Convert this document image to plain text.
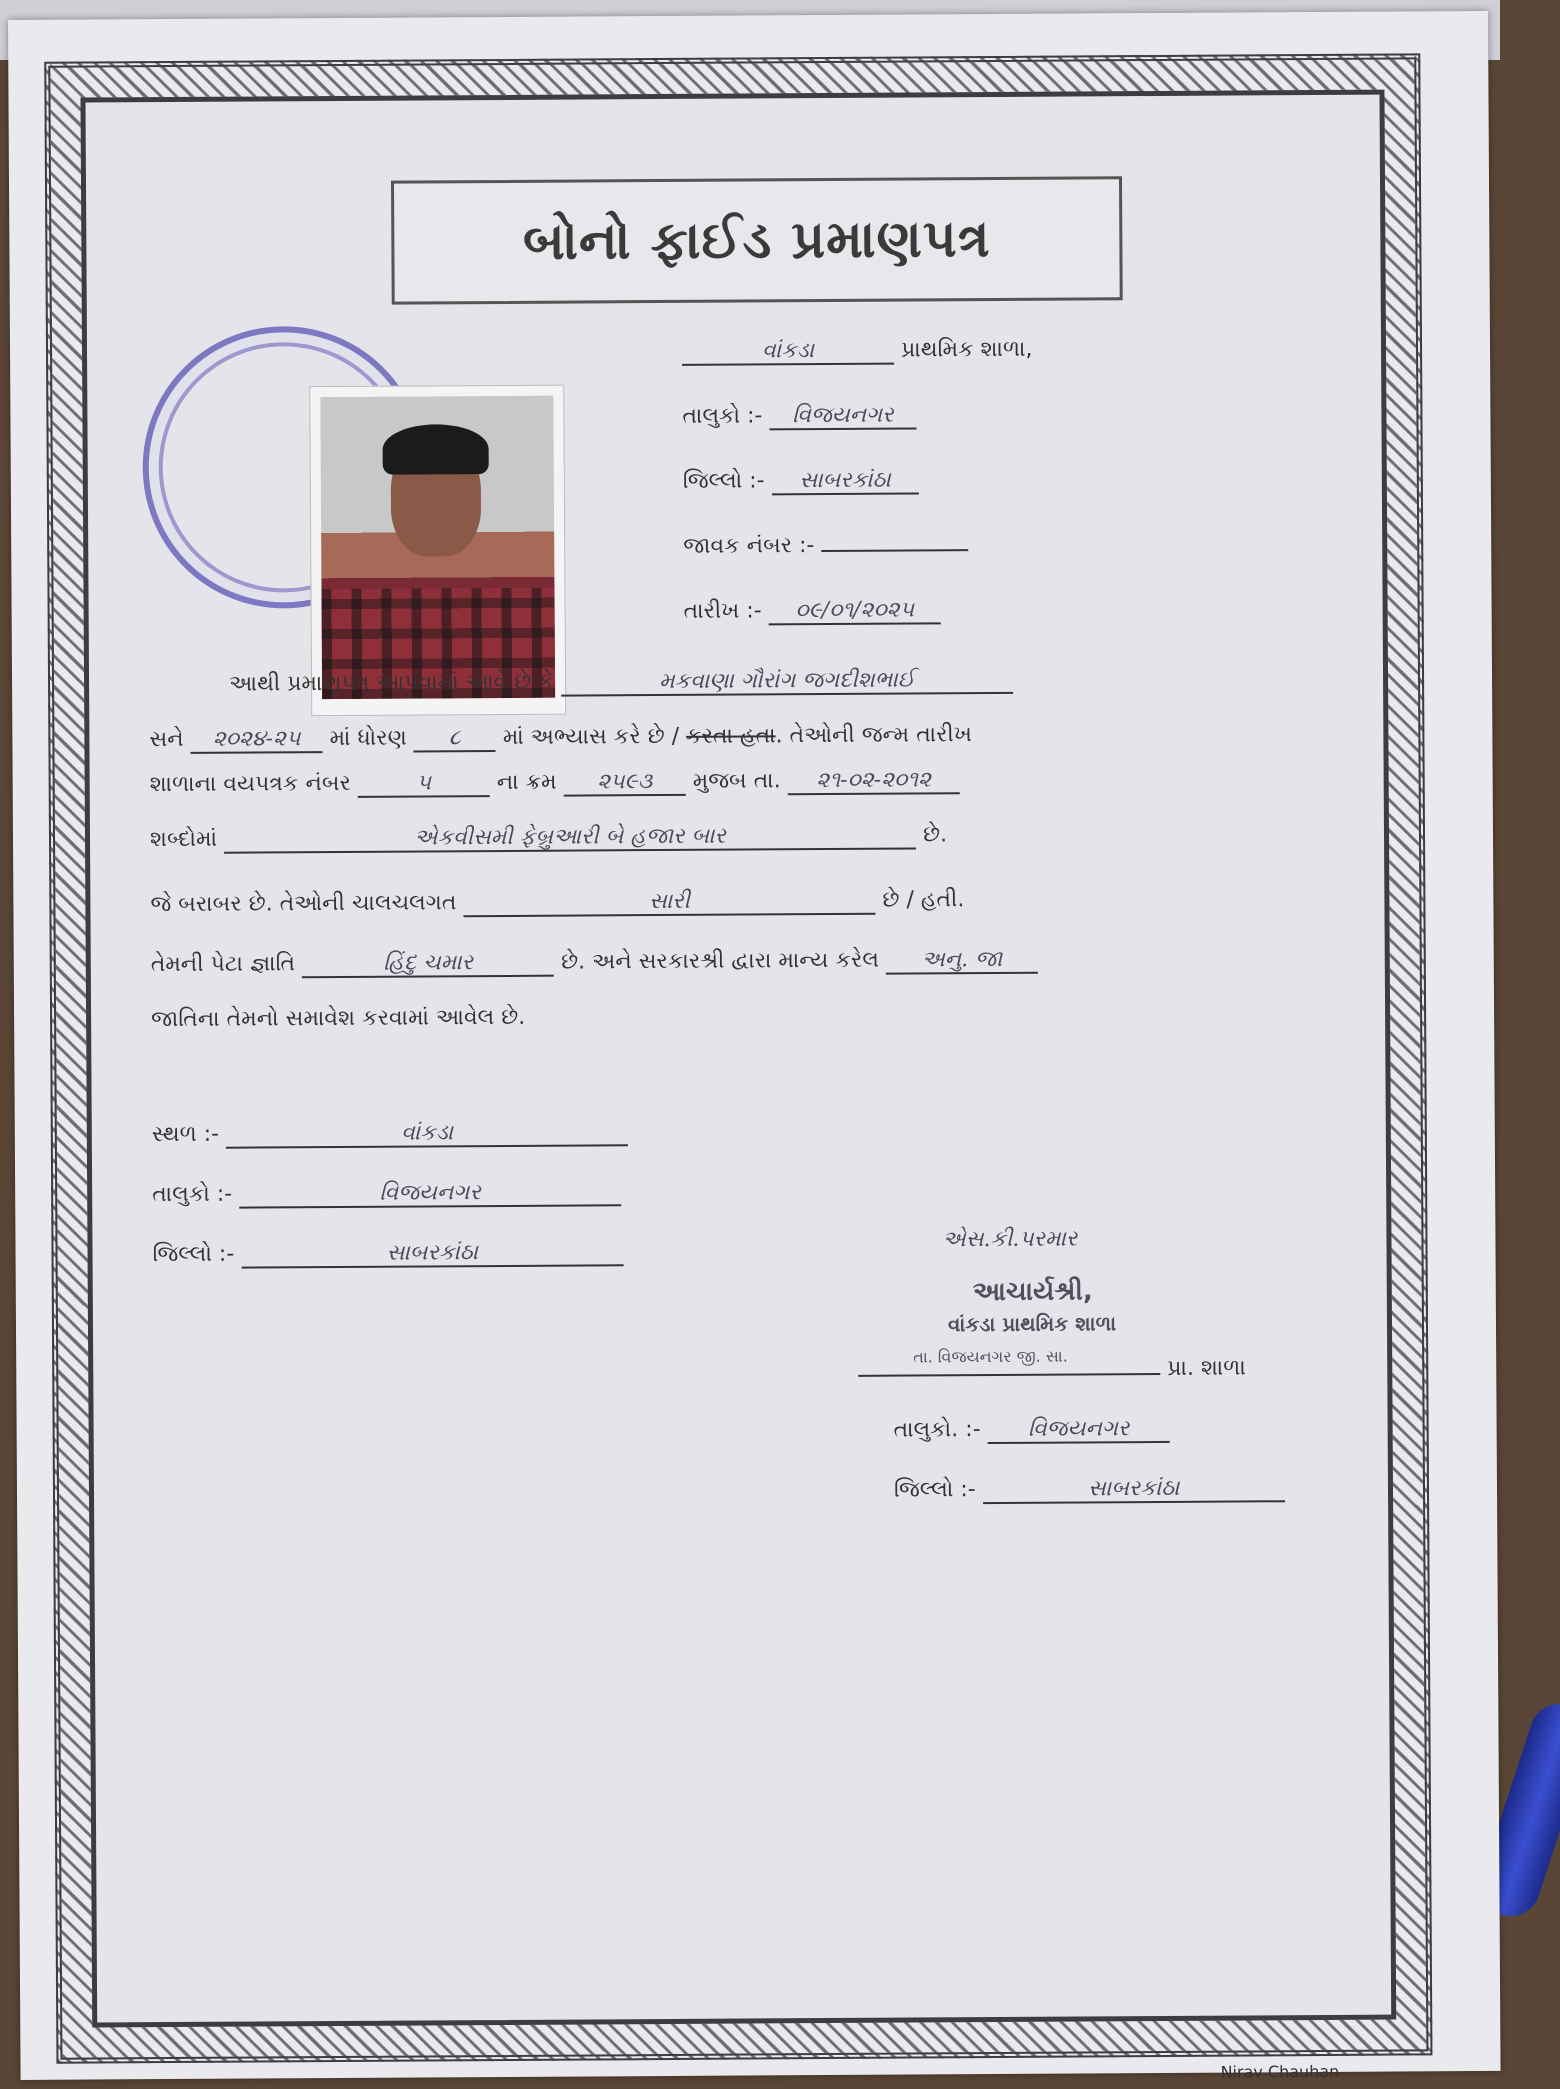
બોનો ફાઈડ પ્રમાણપત્ર
વાંકડા	પ્રાથમિક શાળા,
તાલુકો :- વિજયનગર
જિલ્લો :- સાબરકાંઠા
જાવક નંબર :-
તારીખ :- ૦૯/૦૧/૨૦૨૫
આથી પ્રમાણપત્ર આપવામાં આવે છે કે	મકવાણા ગૌરાંગ જગદીશભાઈ
સને ૨૦૨૪-૨૫ માં ધોરણ ૮ માં અભ્યાસ કરે છે / કરતા હતા. તેઓની જન્મ તારીખ
શાળાના વયપત્રક નંબર	૫	ના ક્રમ ૨૫૯૩ મુજબ તા. ૨૧-૦૨-૨૦૧૨
શબ્દોમાં	એકવીસમી ફેબ્રુઆરી બે હજાર બાર	છે.
જે બરાબર છે. તેઓની ચાલચલગત	સારી	છે / હતી.
તેમની પેટા જ્ઞાતિ	હિંદુ ચમાર	છે. અને સરકારશ્રી દ્વારા માન્ય કરેલ અનુ. જા
જાતિના તેમનો સમાવેશ કરવામાં આવેલ છે.
સ્થળ :-	વાંકડા
તાલુકો :-	વિજયનગર
જિલ્લો :-	સાબરકાંઠા
એસ.કી.પરમાર
આચાર્યશ્રી,
વાંકડા પ્રાથમિક શાળા
તા. વિજયનગર જી. સા.	પ્રા. શાળા
તાલુકો. :- વિજયનગર
જિલ્લો :-	સાબરકાંઠા
Nirav Chauhan
